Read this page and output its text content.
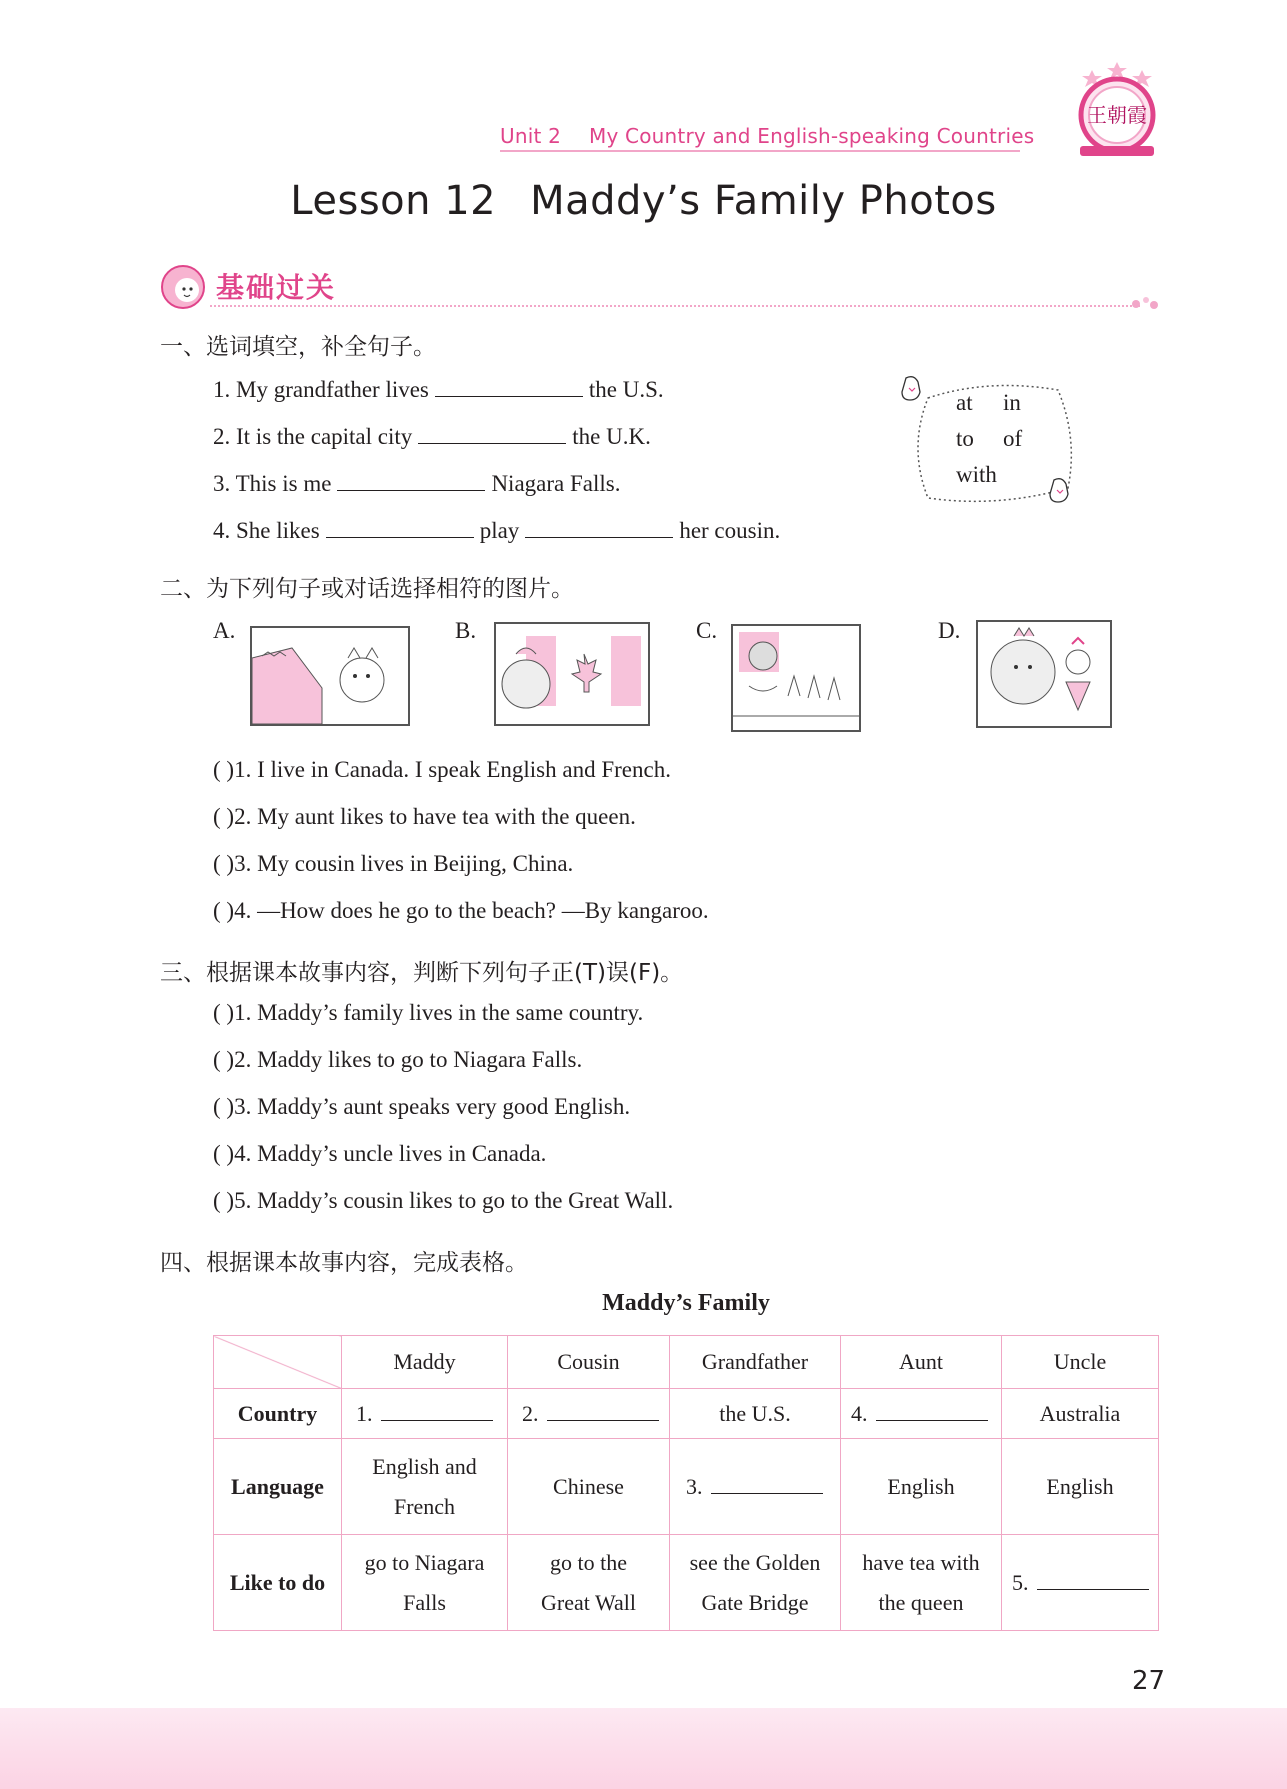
Unit 2 My Country and English-speaking Countries
王朝霞
Lesson 12 Maddy’s Family Photos
基础过关
一、选词填空，补全句子。
1. My grandfather lives	the U.S.
2. It is the capital city	the U.K.
3. This is me	Niagara Falls.
4. She likes	play	her cousin.
at in
to of
with
二、为下列句子或对话选择相符的图片。
A.	B.	C.	D.
( )1. I live in Canada. I speak English and French.
( )2. My aunt likes to have tea with the queen.
( )3. My cousin lives in Beijing, China.
( )4. —How does he go to the beach? —By kangaroo.
三、根据课本故事内容，判断下列句子正(T)误(F)。
( )1. Maddy’s family lives in the same country.
( )2. Maddy likes to go to Niagara Falls.
( )3. Maddy’s aunt speaks very good English.
( )4. Maddy’s uncle lives in Canada.
( )5. Maddy’s cousin likes to go to the Great Wall.
四、根据课本故事内容，完成表格。
Maddy’s Family
	Maddy	Cousin	Grandfather	Aunt	Uncle
Country	1.	2.	the U.S.	4.	Australia
Language	English and French	Chinese	3.	English	English
Like to do	go to Niagara Falls	go to the Great Wall	see the Golden Gate Bridge	have tea with the queen	5.
27
